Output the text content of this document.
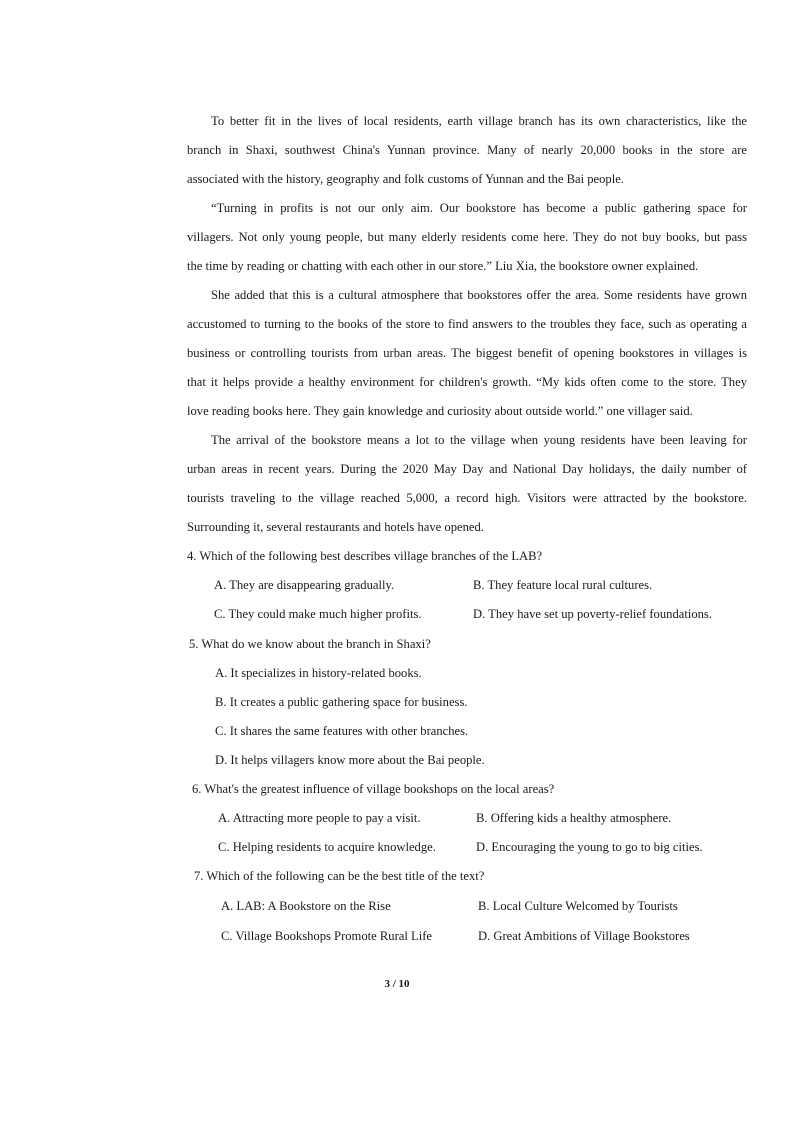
To better fit in the lives of local residents, earth village branch has its own characteristics, like the
branch in Shaxi, southwest China's Yunnan province. Many of nearly 20,000 books in the store are
associated with the history, geography and folk customs of Yunnan and the Bai people.
“Turning in profits is not our only aim. Our bookstore has become a public gathering space for
villagers. Not only young people, but many elderly residents come here. They do not buy books, but pass
the time by reading or chatting with each other in our store.” Liu Xia, the bookstore owner explained.
She added that this is a cultural atmosphere that bookstores offer the area. Some residents have grown
accustomed to turning to the books of the store to find answers to the troubles they face, such as operating a
business or controlling tourists from urban areas. The biggest benefit of opening bookstores in villages is
that it helps provide a healthy environment for children's growth. “My kids often come to the store. They
love reading books here. They gain knowledge and curiosity about outside world.” one villager said.
The arrival of the bookstore means a lot to the village when young residents have been leaving for
urban areas in recent years. During the 2020 May Day and National Day holidays, the daily number of
tourists traveling to the village reached 5,000, a record high. Visitors were attracted by the bookstore.
Surrounding it, several restaurants and hotels have opened.

4. Which of the following best describes village branches of the LAB?

A. They are disappearing gradually.	B. They feature local rural cultures.

C. They could make much higher profits.	D. They have set up poverty-relief foundations.

5. What do we know about the branch in Shaxi?

A. It specializes in history-related books.

B. It creates a public gathering space for business.

C. It shares the same features with other branches.

D. It helps villagers know more about the Bai people.

6. What's the greatest influence of village bookshops on the local areas?

A. Attracting more people to pay a visit.	B. Offering kids a healthy atmosphere.

C. Helping residents to acquire knowledge.	D. Encouraging the young to go to big cities.

7. Which of the following can be the best title of the text?

A. LAB: A Bookstore on the Rise	B. Local Culture Welcomed by Tourists

C. Village Bookshops Promote Rural Life	D. Great Ambitions of Village Bookstores

3 / 10
